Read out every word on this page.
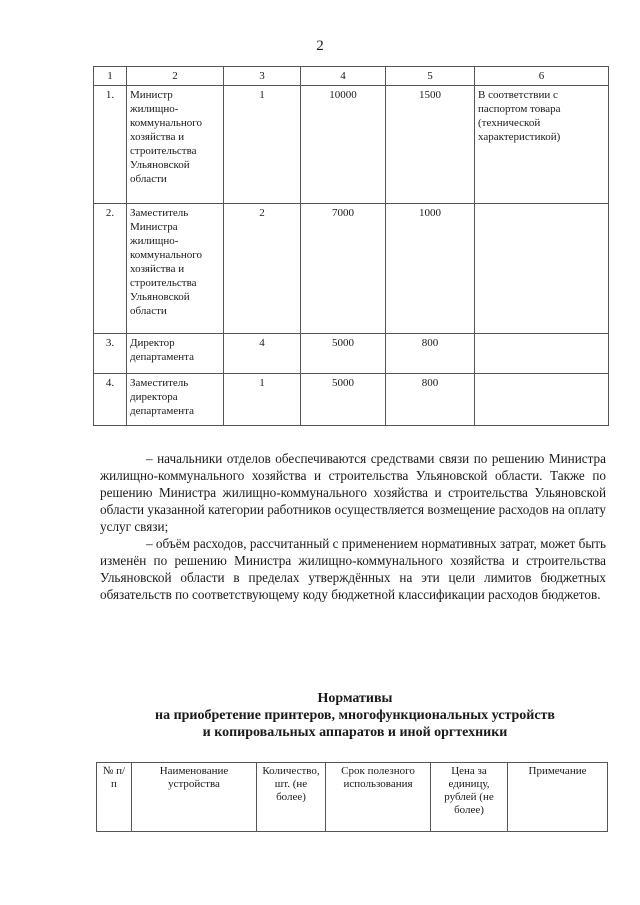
2
1	2	3	4	5	6
1.	Министр жилищно-коммунального хозяйства и строительства Ульяновской области	1	10000	1500	В соответствии с паспортом товара (технической характеристикой)
2.	Заместитель Министра жилищно-коммунального хозяйства и строительства Ульяновской области	2	7000	1000	
3.	Директор департамента	4	5000	800	
4.	Заместитель директора департамента	1	5000	800	

– начальники отделов обеспечиваются средствами связи по решению Министра жилищно-коммунального хозяйства и строительства Ульяновской области. Также по решению Министра жилищно-коммунального хозяйства и строительства Ульяновской области указанной категории работников осуществляется возмещение расходов на оплату услуг связи;

– объём расходов, рассчитанный с применением нормативных затрат, может быть изменён по решению Министра жилищно-коммунального хозяйства и строительства Ульяновской области в пределах утверждённых на эти цели лимитов бюджетных обязательств по соответствующему коду бюджетной классификации расходов бюджетов.

Нормативы
на приобретение принтеров, многофункциональных устройств
и копировальных аппаратов и иной оргтехники
№ п/п	Наименование устройства	Количество, шт. (не более)	Срок полезного использования	Цена за единицу, рублей (не более)	Примечание
